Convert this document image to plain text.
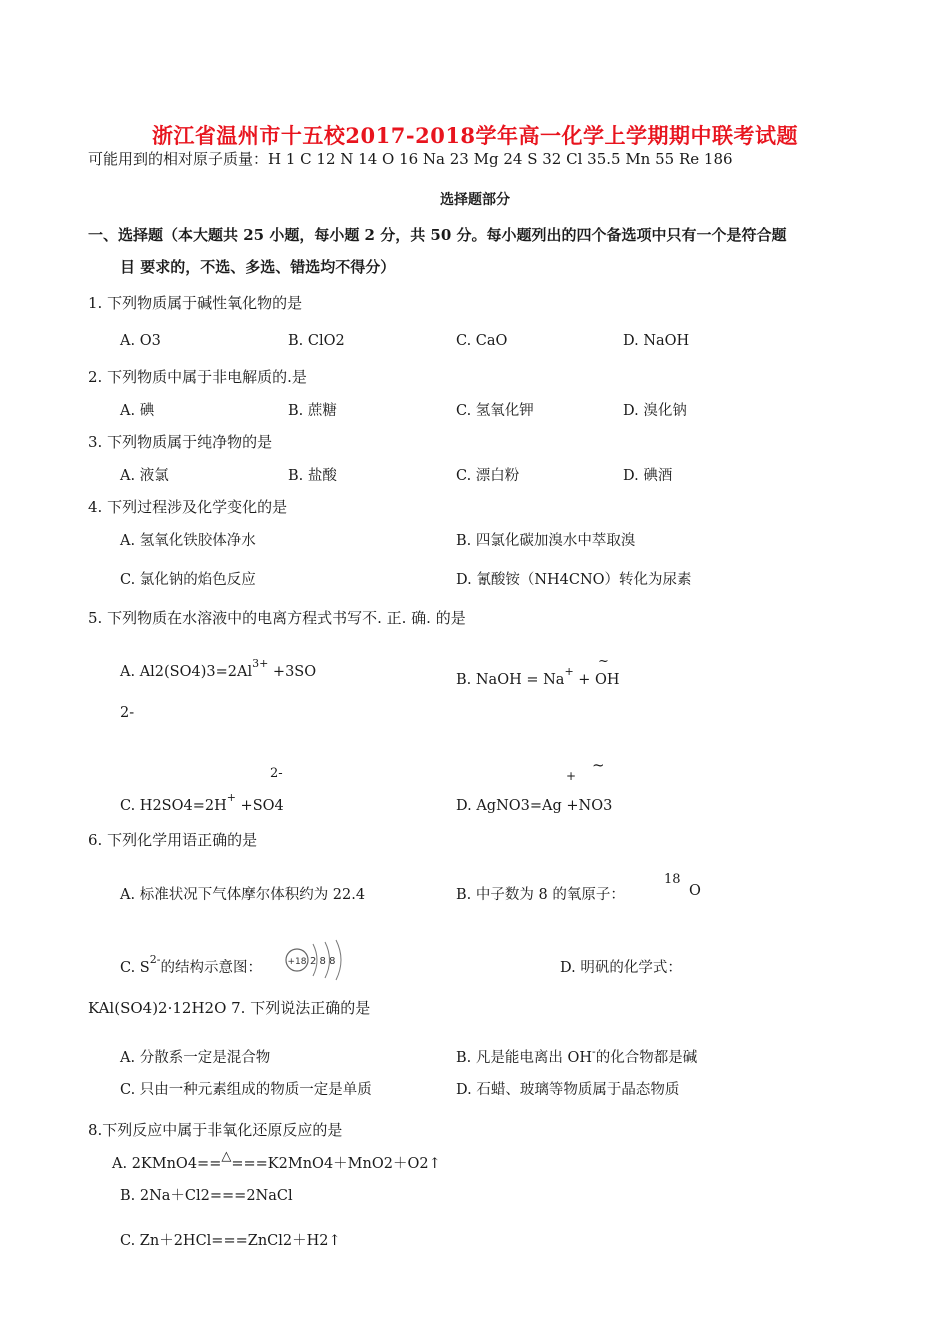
浙江省温州市十五校2017-2018学年高一化学上学期期中联考试题
可能用到的相对原子质量：H 1 C 12 N 14 O 16 Na 23 Mg 24 S 32 Cl 35.5 Mn 55 Re 186
选择题部分
一、选择题（本大题共 25 小题，每小题 2 分，共 50 分。每小题列出的四个备选项中只有一个是符合题
目 要求的，不选、多选、错选均不得分）
1. 下列物质属于碱性氧化物的是
A. O3	B. ClO2	C. CaO	D. NaOH
2. 下列物质中属于非电解质的.是
A. 碘	B. 蔗糖	C. 氢氧化钾	D. 溴化钠
3. 下列物质属于纯净物的是
A. 液氯	B. 盐酸	C. 漂白粉	D. 碘酒
4. 下列过程涉及化学变化的是
A. 氢氧化铁胶体净水	B. 四氯化碳加溴水中萃取溴
C. 氯化钠的焰色反应	D. 氰酸铵（NH4CNO）转化为尿素
5. 下列物质在水溶液中的电离方程式书写不. 正. 确. 的是
A. $Al2(SO4)3=2Al^{3+} +3SO$
2-
~
B. NaOH = Na+ + OH
2-
C. H2SO4=2H+ +SO4
+
~
D. AgNO3=Ag +NO3
6. 下列化学用语正确的是
A. 标准状况下气体摩尔体积约为 22.4	B. 中子数为 8 的氧原子：
18
O
C. $S^{2-}$的结构示意图：	+18 2 8 8	D. 明矾的化学式：
KAl(SO4)2·12H2O 7. 下列说法正确的是
A. 分散系一定是混合物	B. 凡是能电离出 OH-的化合物都是碱
C. 只由一种元素组成的物质一定是单质	D. 石蜡、玻璃等物质属于晶态物质
8.下列反应中属于非氧化还原反应的是
A. 2KMnO4==△===K2MnO4＋MnO2＋O2↑
B. 2Na＋Cl2===2NaCl
C. Zn＋2HCl===ZnCl2＋H2↑
